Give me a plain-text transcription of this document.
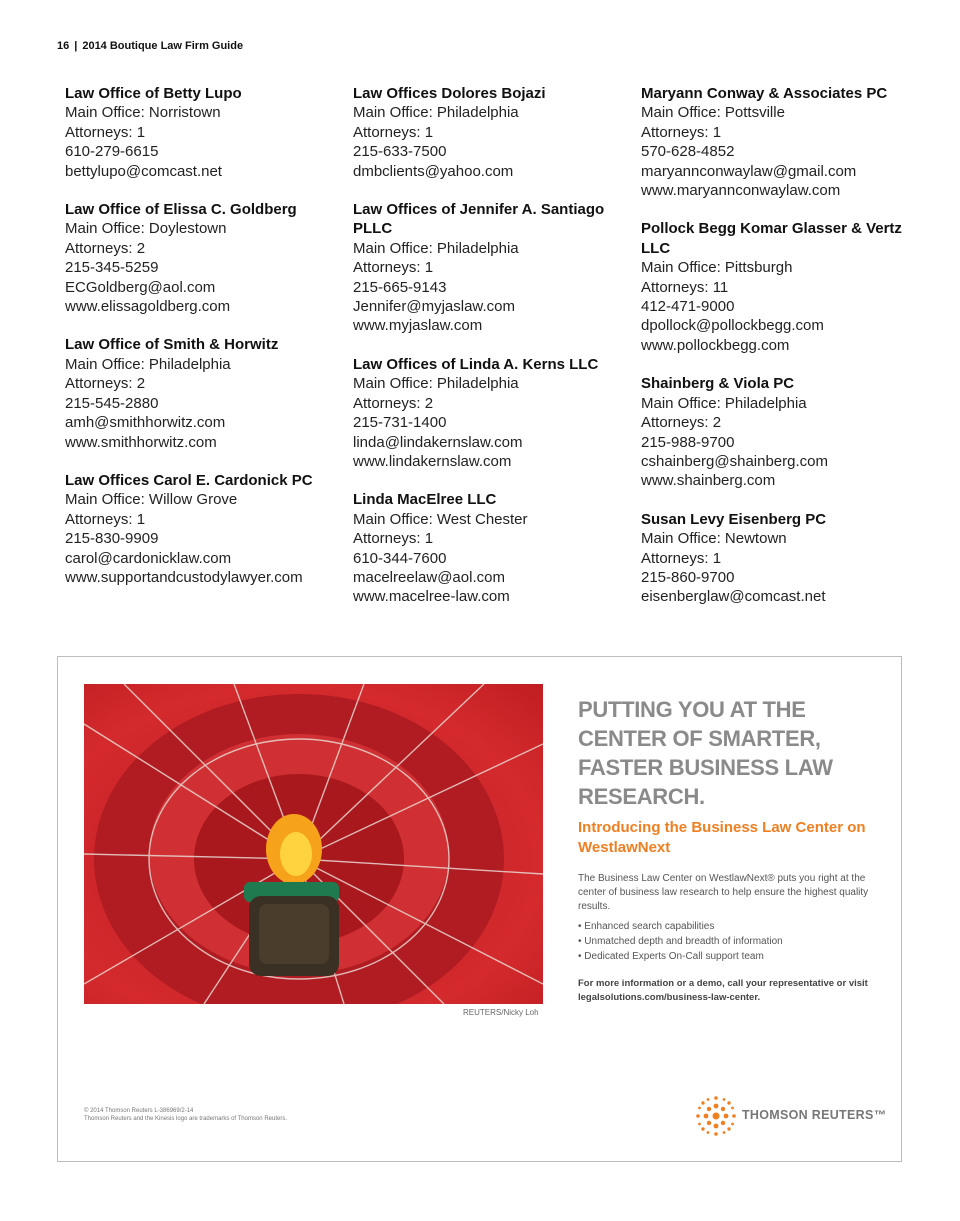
16 | 2014 Boutique Law Firm Guide
Law Office of Betty Lupo
Main Office: Norristown
Attorneys: 1
610-279-6615
bettylupo@comcast.net
Law Office of Elissa C. Goldberg
Main Office: Doylestown
Attorneys: 2
215-345-5259
ECGoldberg@aol.com
www.elissagoldberg.com
Law Office of Smith & Horwitz
Main Office: Philadelphia
Attorneys: 2
215-545-2880
amh@smithhorwitz.com
www.smithhorwitz.com
Law Offices Carol E. Cardonick PC
Main Office: Willow Grove
Attorneys: 1
215-830-9909
carol@cardonicklaw.com
www.supportandcustodylawyer.com
Law Offices Dolores Bojazi
Main Office: Philadelphia
Attorneys: 1
215-633-7500
dmbclients@yahoo.com
Law Offices of Jennifer A. Santiago PLLC
Main Office: Philadelphia
Attorneys: 1
215-665-9143
Jennifer@myjaslaw.com
www.myjaslaw.com
Law Offices of Linda A. Kerns LLC
Main Office: Philadelphia
Attorneys: 2
215-731-1400
linda@lindakernslaw.com
www.lindakernslaw.com
Linda MacElree LLC
Main Office: West Chester
Attorneys: 1
610-344-7600
macelreelaw@aol.com
www.macelree-law.com
Maryann Conway & Associates PC
Main Office: Pottsville
Attorneys: 1
570-628-4852
maryannconwaylaw@gmail.com
www.maryannconwaylaw.com
Pollock Begg Komar Glasser & Vertz LLC
Main Office: Pittsburgh
Attorneys: 11
412-471-9000
dpollock@pollockbegg.com
www.pollockbegg.com
Shainberg & Viola PC
Main Office: Philadelphia
Attorneys: 2
215-988-9700
cshainberg@shainberg.com
www.shainberg.com
Susan Levy Eisenberg PC
Main Office: Newtown
Attorneys: 1
215-860-9700
eisenberglaw@comcast.net
REUTERS/Nicky Loh
PUTTING YOU AT THE CENTER OF SMARTER, FASTER BUSINESS LAW RESEARCH.
Introducing the Business Law Center on WestlawNext
The Business Law Center on WestlawNext® puts you right at the center of business law research to help ensure the highest quality results.
• Enhanced search capabilities
• Unmatched depth and breadth of information
• Dedicated Experts On-Call support team
For more information or a demo, call your representative or visit legalsolutions.com/business-law-center.
© 2014 Thomson Reuters L-386969/2-14
Thomson Reuters and the Kinesis logo are trademarks of Thomson Reuters.	THOMSON REUTERS™
